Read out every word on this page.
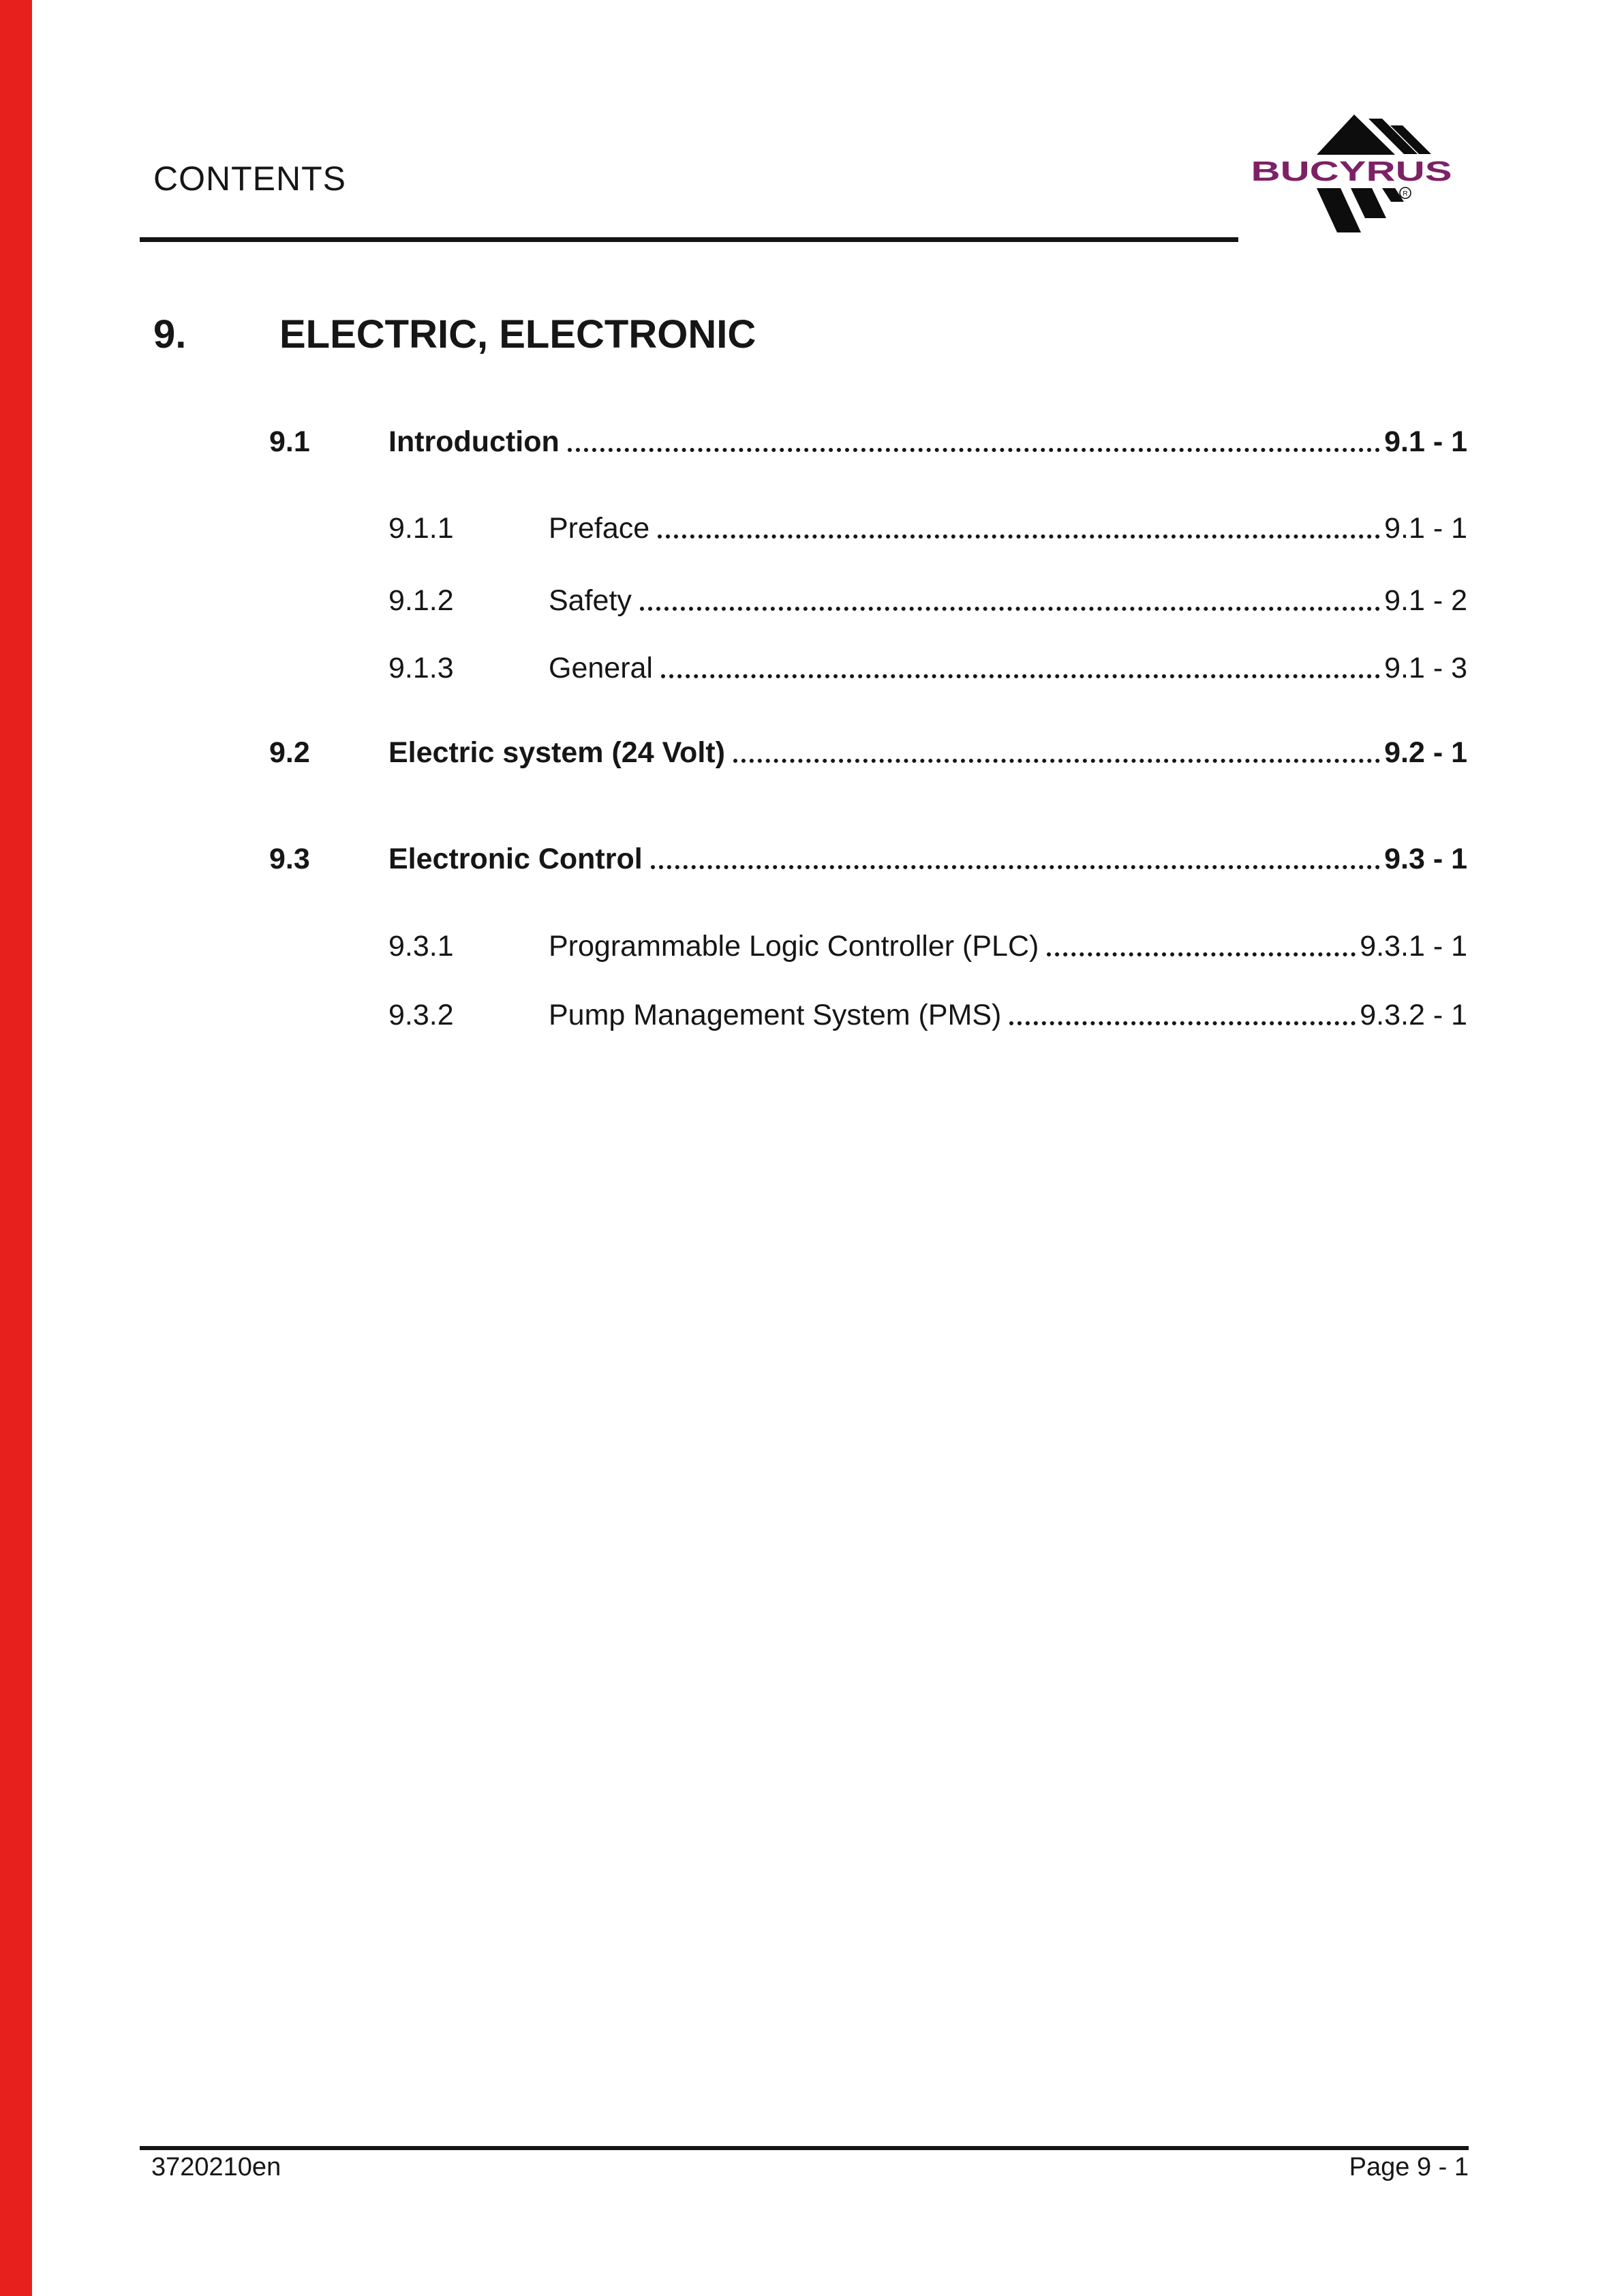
CONTENTS	BUCYRUS
R
9.	ELECTRIC, ELECTRONIC
9.1	Introduction	9.1 - 1
9.1.1	Preface	9.1 - 1
9.1.2	Safety	9.1 - 2
9.1.3	General	9.1 - 3
9.2	Electric system (24 Volt)	9.2 - 1
9.3	Electronic Control	9.3 - 1
9.3.1	Programmable Logic Controller (PLC)	9.3.1 - 1
9.3.2	Pump Management System (PMS)	9.3.2 - 1
3720210en	Page 9 - 1
